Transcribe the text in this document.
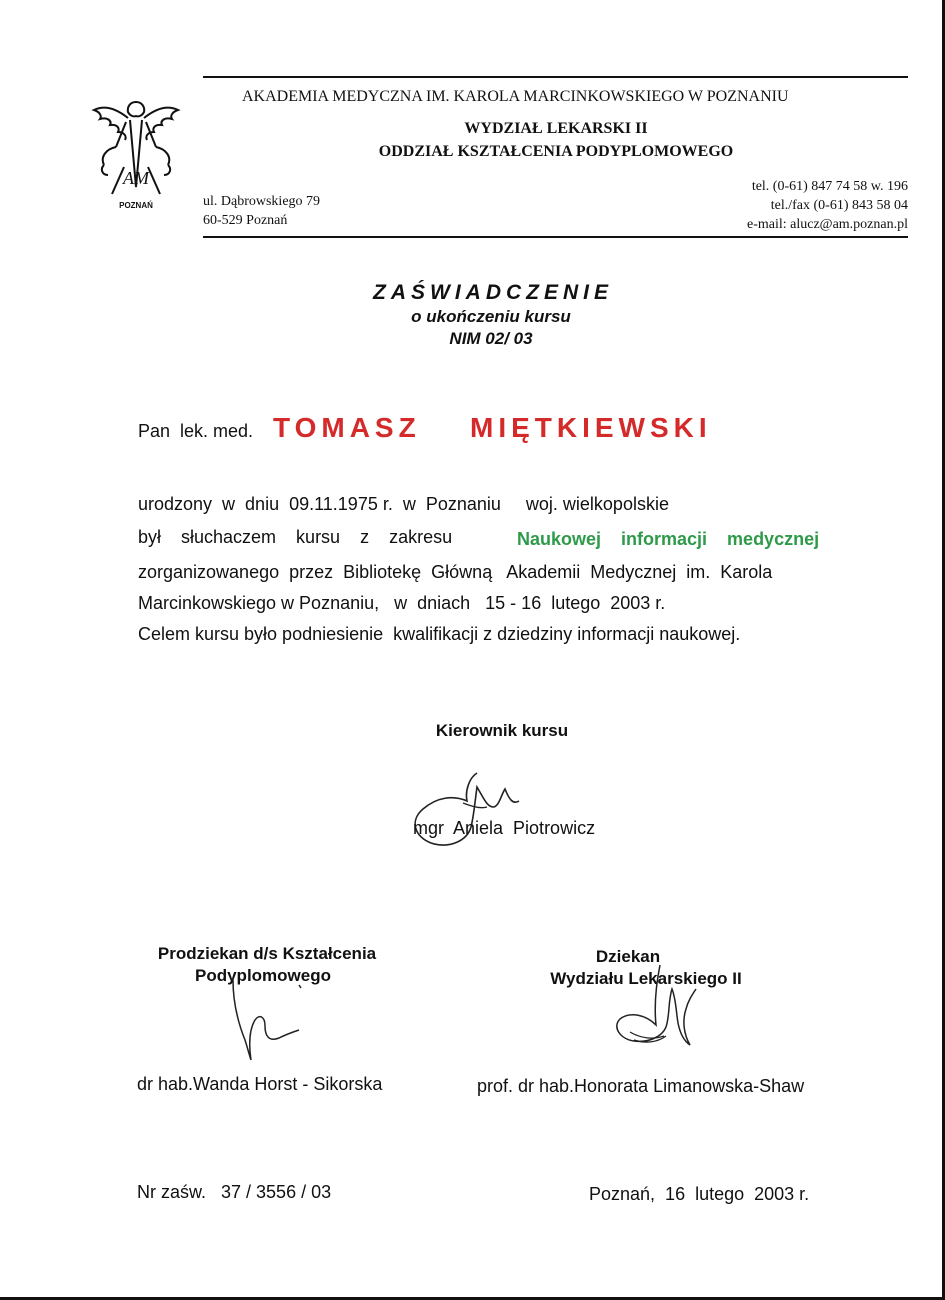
AM
POZNAŃ
AKADEMIA MEDYCZNA IM. KAROLA MARCINKOWSKIEGO W POZNANIU
WYDZIAŁ LEKARSKI II
ODDZIAŁ KSZTAŁCENIA PODYPLOMOWEGO
ul. Dąbrowskiego 79
60-529 Poznań
tel. (0-61) 847 74 58 w. 196
tel./fax (0-61) 843 58 04
e-mail: alucz@am.poznan.pl
ZAŚWIADCZENIE
o ukończeniu kursu
NIM 02/ 03
Pan  lek. med. TOMASZ MIĘTKIEWSKI
urodzony  w  dniu  09.11.1975 r.  w  Poznaniu     woj. wielkopolskie
był    słuchaczem    kursu    z    zakresu	Naukowej    informacji    medycznej
zorganizowanego  przez  Bibliotekę  Główną   Akademii  Medycznej  im.  Karola
Marcinkowskiego w Poznaniu,   w  dniach   15 - 16  lutego  2003 r.
Celem kursu było podniesienie  kwalifikacji z dziedziny informacji naukowej.
Kierownik kursu
mgr  Aniela  Piotrowicz
Prodziekan d/s Kształcenia
Podyplomowego
dr hab.Wanda Horst - Sikorska
Dziekan
Wydziału Lekarskiego II
prof. dr hab.Honorata Limanowska-Shaw
Nr zaśw.   37 / 3556 / 03	Poznań,  16  lutego  2003 r.
